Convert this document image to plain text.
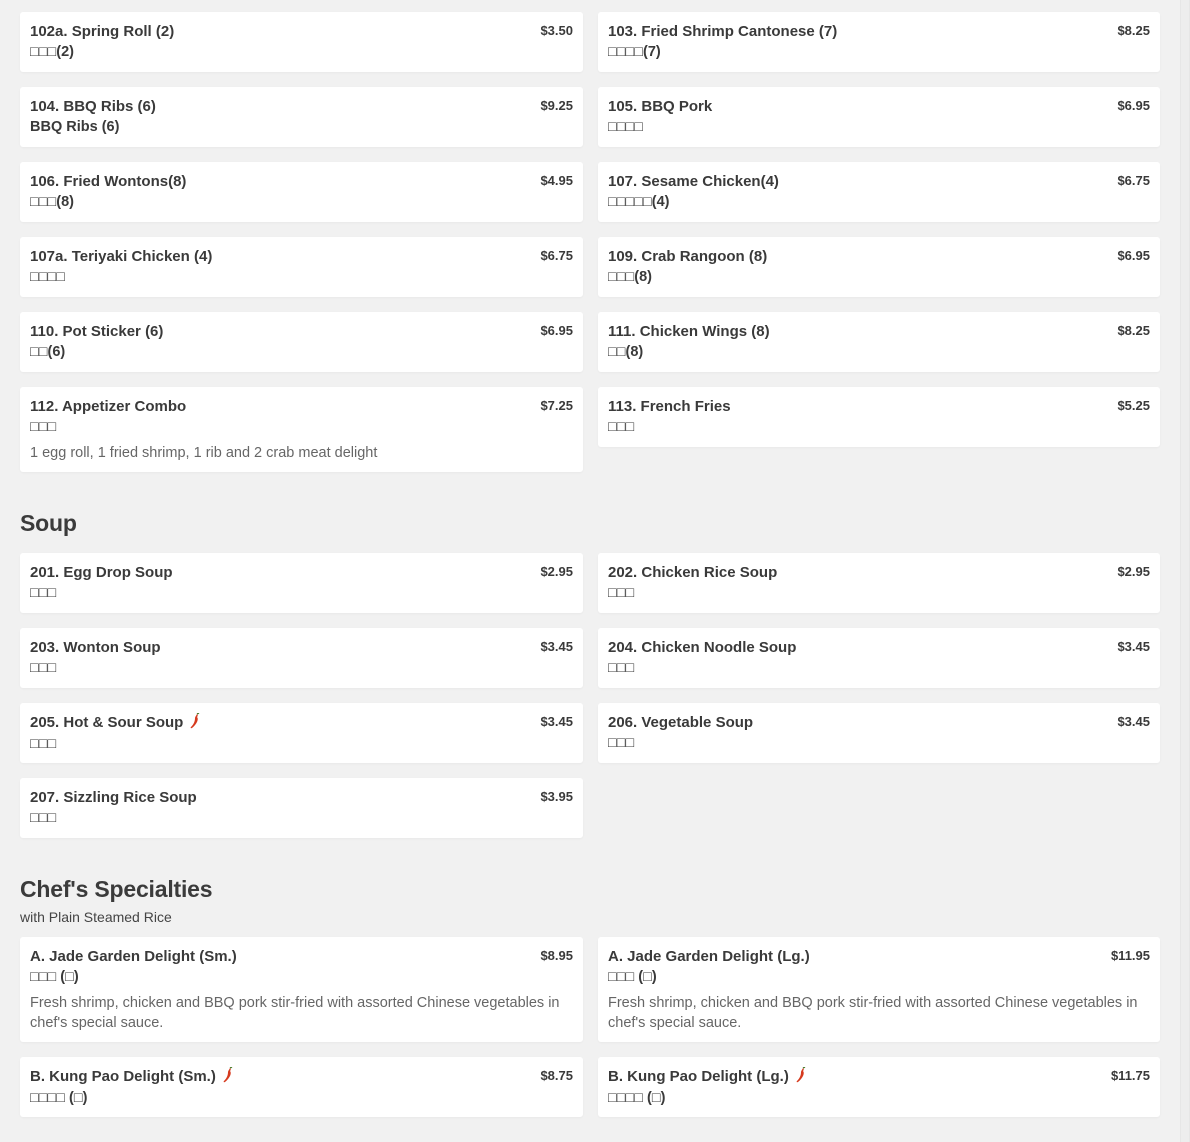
102a. Spring Roll (2)	$3.50
□□□(2)
103. Fried Shrimp Cantonese (7)	$8.25
□□□□(7)
104. BBQ Ribs (6)	$9.25
BBQ Ribs (6)
105. BBQ Pork	$6.95
□□□□
106. Fried Wontons(8)	$4.95
□□□(8)
107. Sesame Chicken(4)	$6.75
□□□□□(4)
107a. Teriyaki Chicken (4)	$6.75
□□□□
109. Crab Rangoon (8)	$6.95
□□□(8)
110. Pot Sticker (6)	$6.95
□□(6)
111. Chicken Wings (8)	$8.25
□□(8)
112. Appetizer Combo	$7.25
□□□
1 egg roll, 1 fried shrimp, 1 rib and 2 crab meat delight
113. French Fries	$5.25
□□□
Soup
201. Egg Drop Soup	$2.95
□□□
202. Chicken Rice Soup	$2.95
□□□
203. Wonton Soup	$3.45
□□□
204. Chicken Noodle Soup	$3.45
□□□
205. Hot & Sour Soup	$3.45
□□□
206. Vegetable Soup	$3.45
□□□
207. Sizzling Rice Soup	$3.95
□□□
Chef's Specialties
with Plain Steamed Rice
A. Jade Garden Delight (Sm.)	$8.95
□□□ (□)
Fresh shrimp, chicken and BBQ pork stir-fried with assorted Chinese vegetables in chef's special sauce.
A. Jade Garden Delight (Lg.)	$11.95
□□□ (□)
Fresh shrimp, chicken and BBQ pork stir-fried with assorted Chinese vegetables in chef's special sauce.
B. Kung Pao Delight (Sm.)	$8.75
□□□□ (□)
B. Kung Pao Delight (Lg.)	$11.75
□□□□ (□)
